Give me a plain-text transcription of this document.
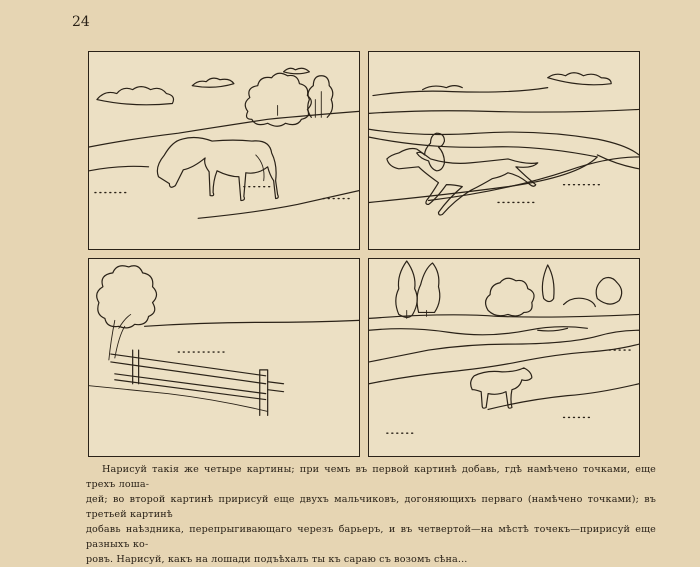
24
Нарисуй такія же четыре картины; при чемъ въ первой картинѣ добавь, гдѣ намѣчено точками, еще трехъ лоша-
дей; во второй картинѣ пририсуй еще двухъ мальчиковъ, догоняющихъ перваго (намѣчено точками); въ третьей картинѣ
добавь наѣздника, перепрыгивающаго черезъ барьеръ, и въ четвертой—на мѣстѣ точекъ—пририсуй еще разныхъ ко-
ровъ. Нарисуй, какъ на лошади подъѣхалъ ты къ сараю съ возомъ сѣна...
